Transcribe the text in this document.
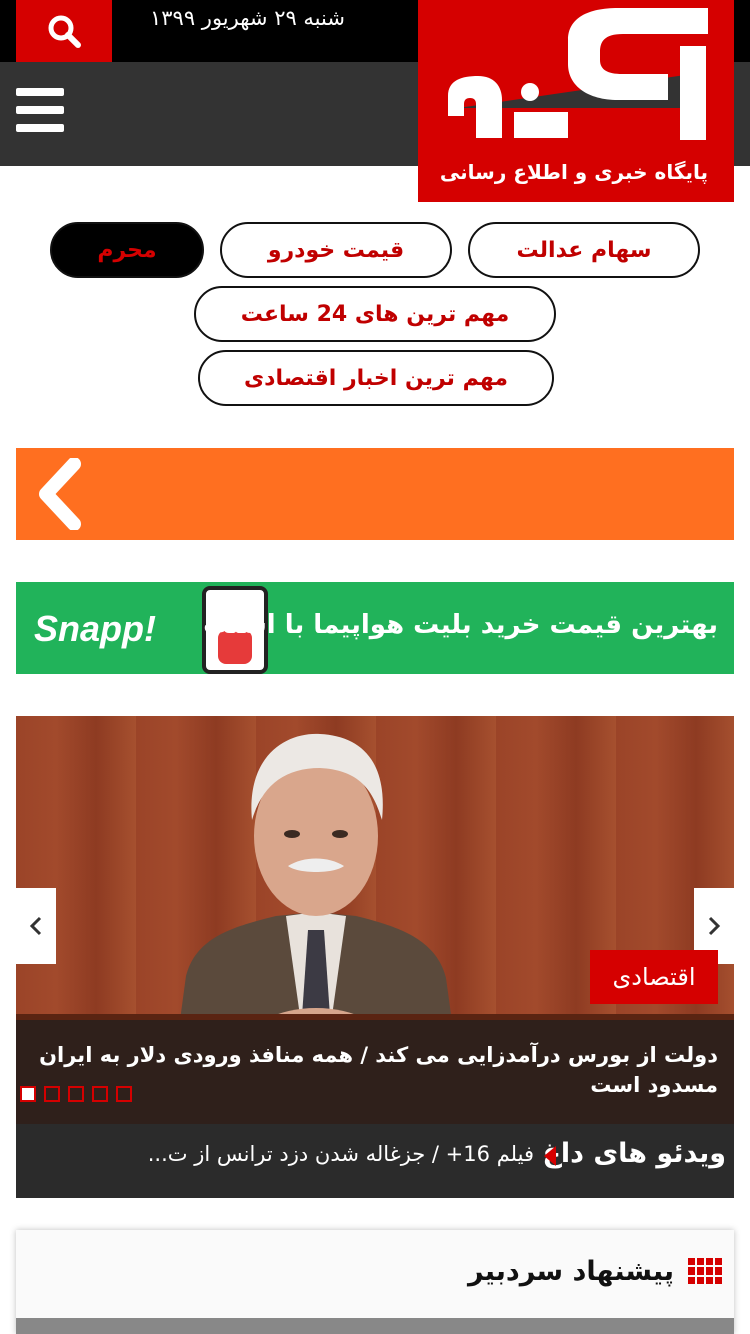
شنبه ۲۹ شهریور ۱۳۹۹
پایگاه خبری و اطلاع رسانی
سهام عدالت
قیمت خودرو
محرم
مهم ترین های 24 ساعت
مهم ترین اخبار اقتصادی
Snapp! بهترین قیمت خرید بلیت هواپیما با اسنپ
اقتصادی
دولت از بورس درآمدزایی می کند / همه منافذ ورودی دلار به ایران مسدود است
ویدئو های داغ
فیلم 16+ / جزغاله شدن دزد ترانس از ت...
پیشنهاد سردبیر
